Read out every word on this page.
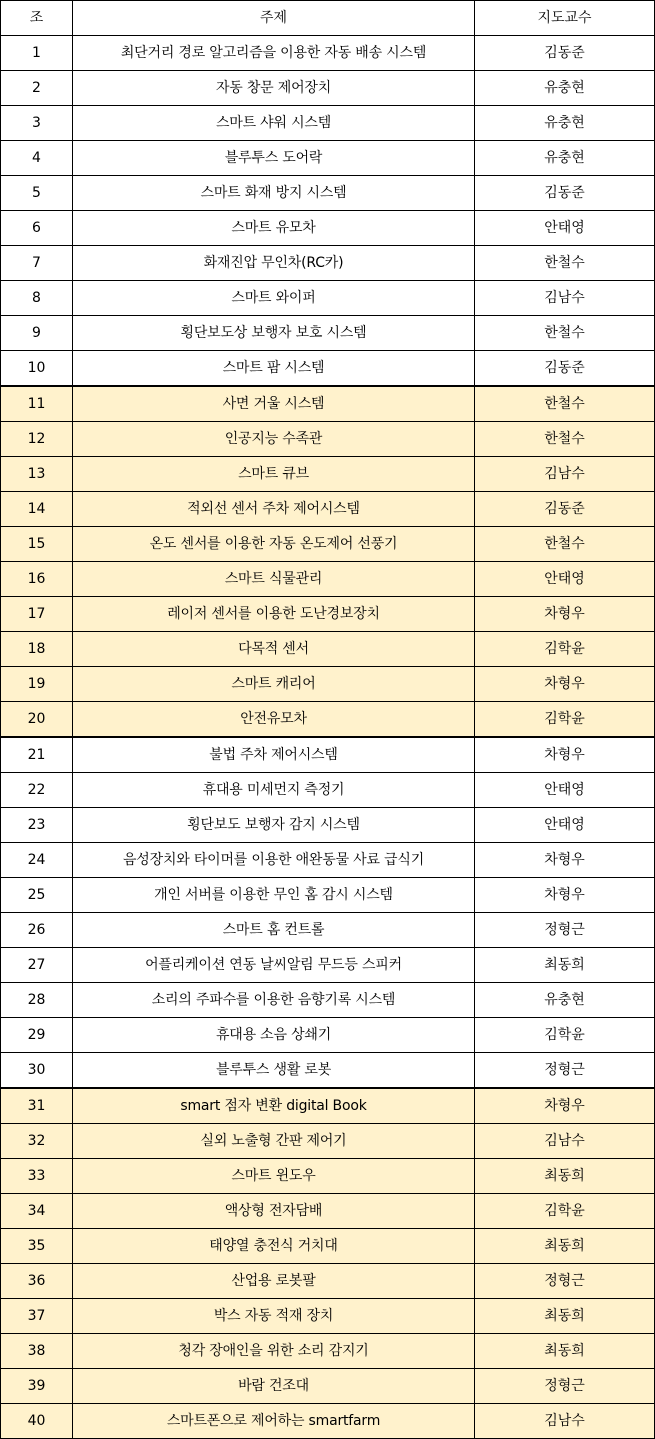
조	주제	지도교수
1	최단거리 경로 알고리즘을 이용한 자동 배송 시스템	김동준
2	자동 창문 제어장치	유충현
3	스마트 샤워 시스템	유충현
4	블루투스 도어락	유충현
5	스마트 화재 방지 시스템	김동준
6	스마트 유모차	안태영
7	화재진압 무인차(RC카)	한철수
8	스마트 와이퍼	김남수
9	횡단보도상 보행자 보호 시스템	한철수
10	스마트 팜 시스템	김동준
11	사면 거울 시스템	한철수
12	인공지능 수족관	한철수
13	스마트 큐브	김남수
14	적외선 센서 주차 제어시스템	김동준
15	온도 센서를 이용한 자동 온도제어 선풍기	한철수
16	스마트 식물관리	안태영
17	레이저 센서를 이용한 도난경보장치	차형우
18	다목적 센서	김학윤
19	스마트 캐리어	차형우
20	안전유모차	김학윤
21	불법 주차 제어시스템	차형우
22	휴대용 미세먼지 측정기	안태영
23	횡단보도 보행자 감지 시스템	안태영
24	음성장치와 타이머를 이용한 애완동물 사료 급식기	차형우
25	개인 서버를 이용한 무인 홈 감시 시스템	차형우
26	스마트 홈 컨트롤	정형근
27	어플리케이션 연동 날씨알림 무드등 스피커	최동희
28	소리의 주파수를 이용한 음향기록 시스템	유충현
29	휴대용 소음 상쇄기	김학윤
30	블루투스 생활 로봇	정형근
31	smart 점자 변환 digital Book	차형우
32	실외 노출형 간판 제어기	김남수
33	스마트 윈도우	최동희
34	액상형 전자담배	김학윤
35	태양열 충전식 거치대	최동희
36	산업용 로봇팔	정형근
37	박스 자동 적재 장치	최동희
38	청각 장애인을 위한 소리 감지기	최동희
39	바람 건조대	정형근
40	스마트폰으로 제어하는 smartfarm	김남수
